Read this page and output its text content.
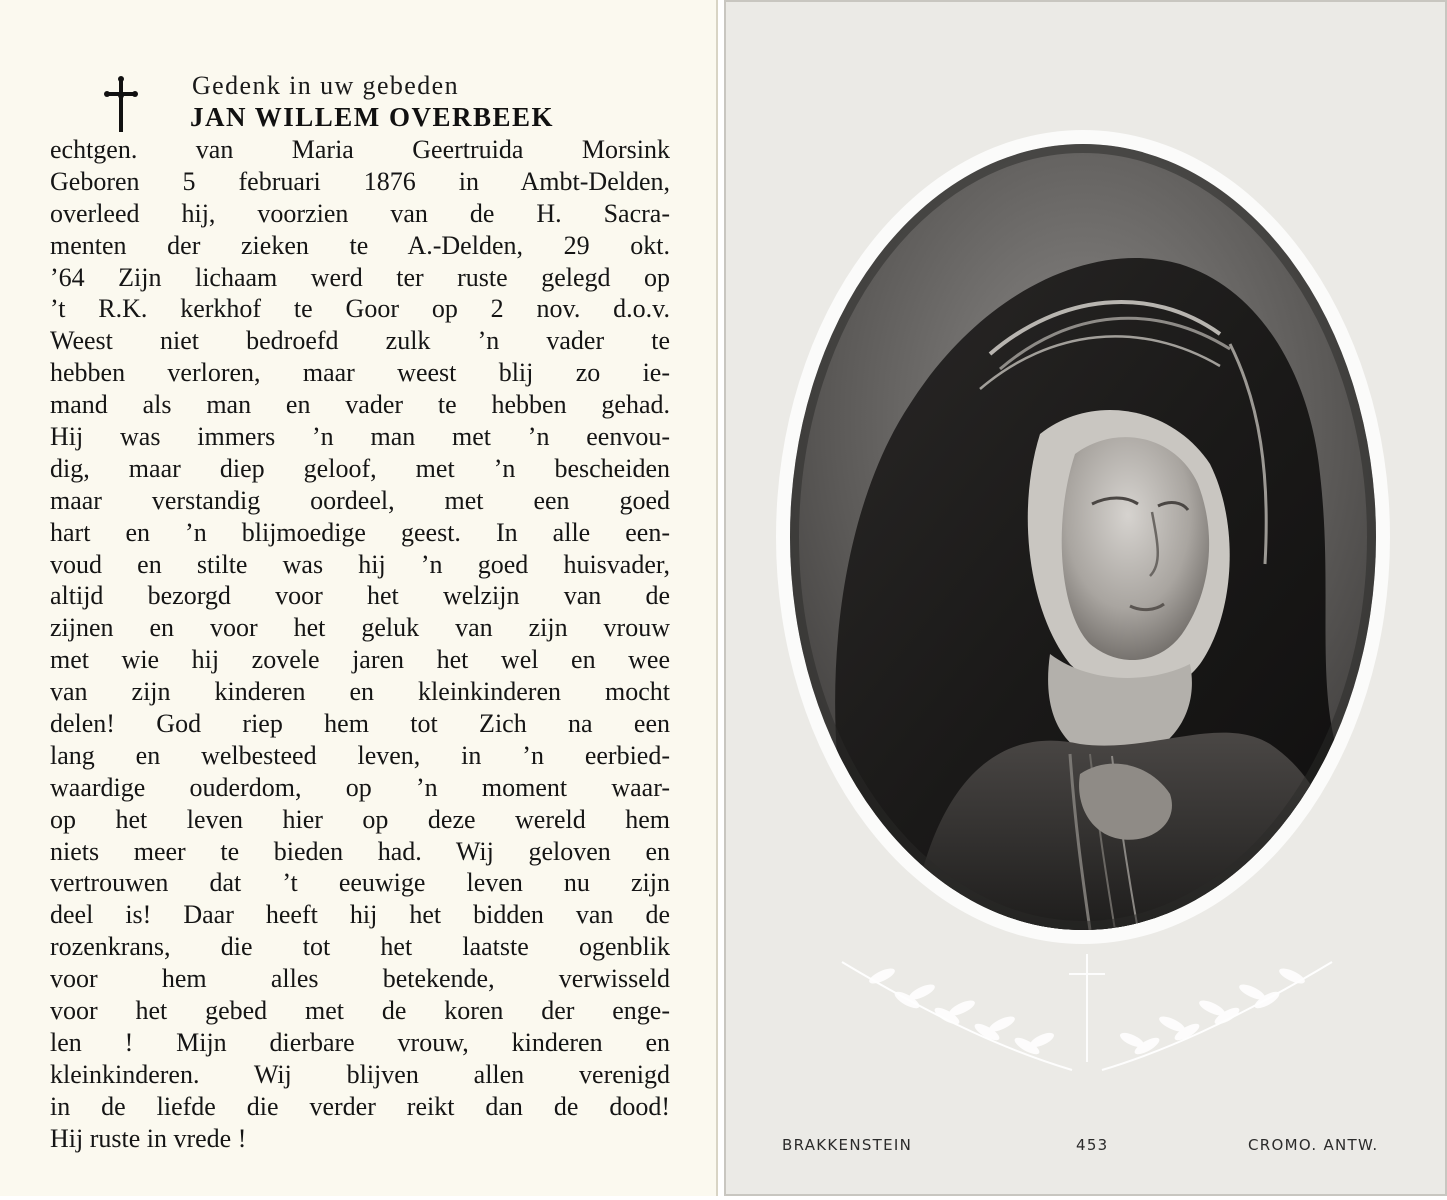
Gedenk in uw gebeden
JAN WILLEM OVERBEEK
echtgen. van Maria Geertruida Morsink
Geboren 5 februari 1876 in Ambt-Delden,
overleed hij, voorzien van de H. Sacra-
menten der zieken te A.-Delden, 29 okt.
’64 Zijn lichaam werd ter ruste gelegd op
’t R.K. kerkhof te Goor op 2 nov. d.o.v.
Weest niet bedroefd zulk ’n vader te
hebben verloren, maar weest blij zo ie-
mand als man en vader te hebben gehad.
Hij was immers ’n man met ’n eenvou-
dig, maar diep geloof, met ’n bescheiden
maar verstandig oordeel, met een goed
hart en ’n blijmoedige geest. In alle een-
voud en stilte was hij ’n goed huisvader,
altijd bezorgd voor het welzijn van de
zijnen en voor het geluk van zijn vrouw
met wie hij zovele jaren het wel en wee
van zijn kinderen en kleinkinderen mocht
delen! God riep hem tot Zich na een
lang en welbesteed leven, in ’n eerbied-
waardige ouderdom, op ’n moment waar-
op het leven hier op deze wereld hem
niets meer te bieden had. Wij geloven en
vertrouwen dat ’t eeuwige leven nu zijn
deel is! Daar heeft hij het bidden van de
rozenkrans, die tot het laatste ogenblik
voor hem alles betekende, verwisseld
voor het gebed met de koren der enge-
len ! Mijn dierbare vrouw, kinderen en
kleinkinderen. Wij blijven allen verenigd
in de liefde die verder reikt dan de dood!
Hij ruste in vrede !	BRAKKENSTEIN	453	CROMO. ANTW.
